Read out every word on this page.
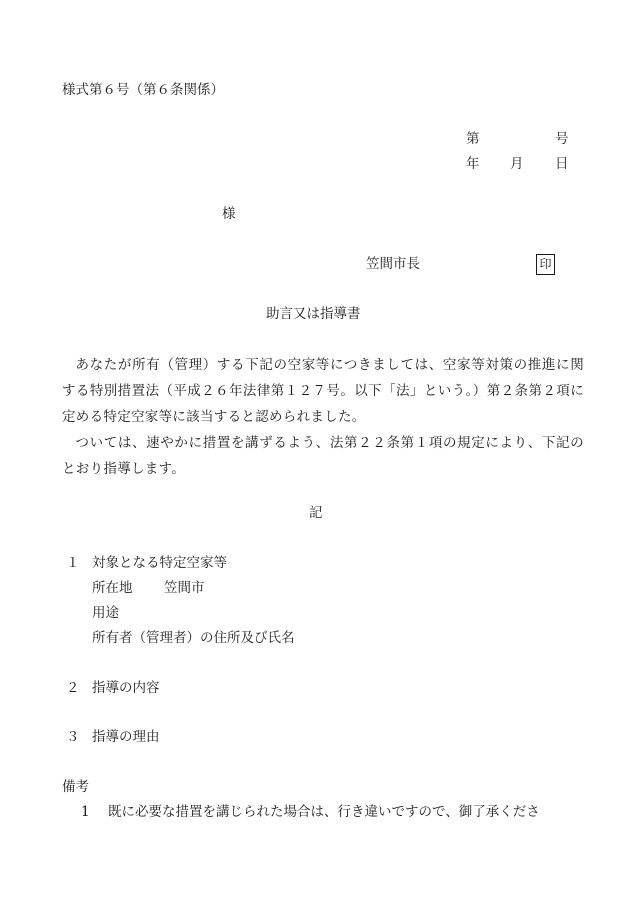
様式第６号（第６条関係）
第	号
年 月 日
様
笠間市長	印
助言又は指導書

あなたが所有（管理）する下記の空家等につきましては、空家等対策の推進に関する特別措置法（平成２６年法律第１２７号。以下「法」という。）第２条第２項に定める特定空家等に該当すると認められました。

ついては、速やかに措置を講ずるよう、法第２２条第１項の規定により、下記のとおり指導します。

記
１ 対象となる特定空家等
所在地 笠間市
用途
所有者（管理者）の住所及び氏名
２ 指導の内容
３ 指導の理由
備考
1 既に必要な措置を講じられた場合は、行き違いですので、御了承くださ
